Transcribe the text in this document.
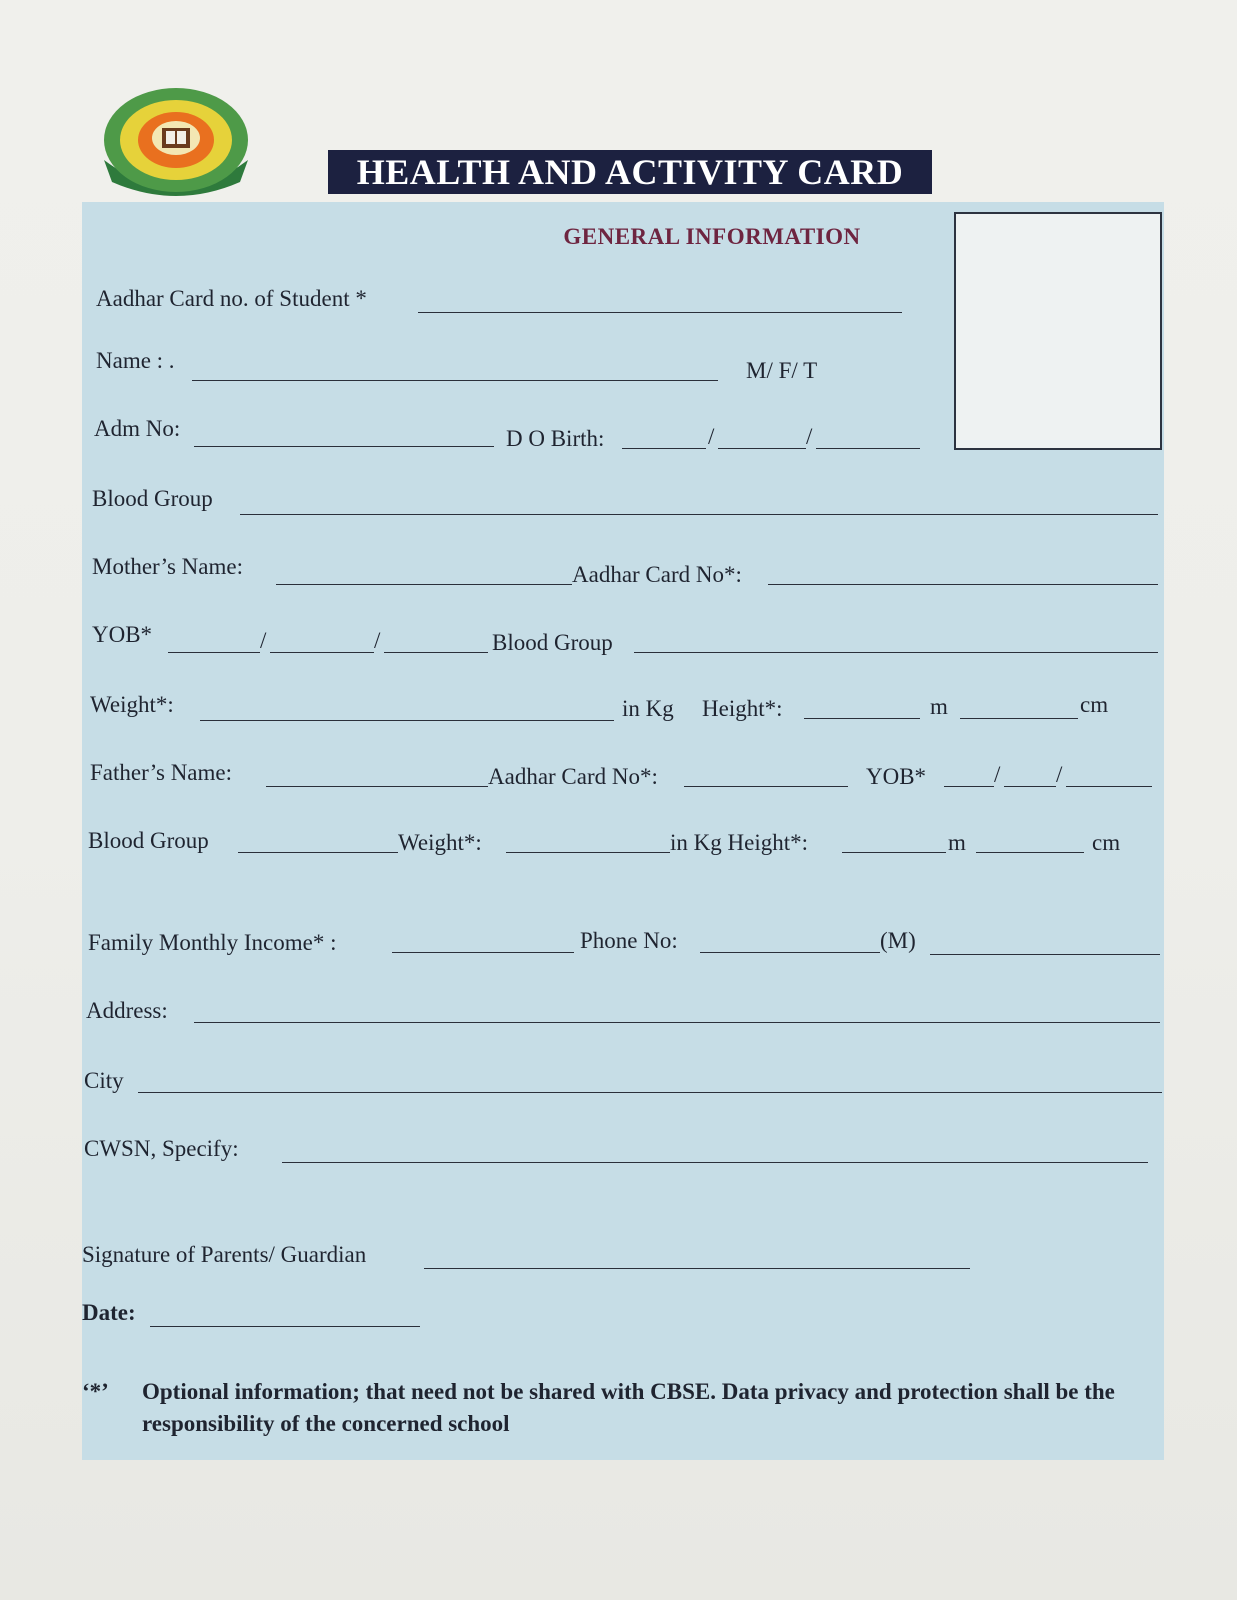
HEALTH AND ACTIVITY CARD
GENERAL INFORMATION
Aadhar Card no. of Student *
Name : .	M/ F/ T
Adm No:	D O Birth:	/	/
Blood Group
Mother’s Name:	Aadhar Card No*:
YOB*	/	/	Blood Group
Weight*:	in Kg Height*:	m	cm
Father’s Name:	Aadhar Card No*:	YOB*	/ /
Blood Group	Weight*:	in Kg Height*:	m	cm
Family Monthly Income* :	Phone No:	(M)
Address:
City
CWSN, Specify:
Signature of Parents/ Guardian
Date:
‘*’ Optional information; that need not be shared with CBSE. Data privacy and protection shall be the responsibility of the concerned school
